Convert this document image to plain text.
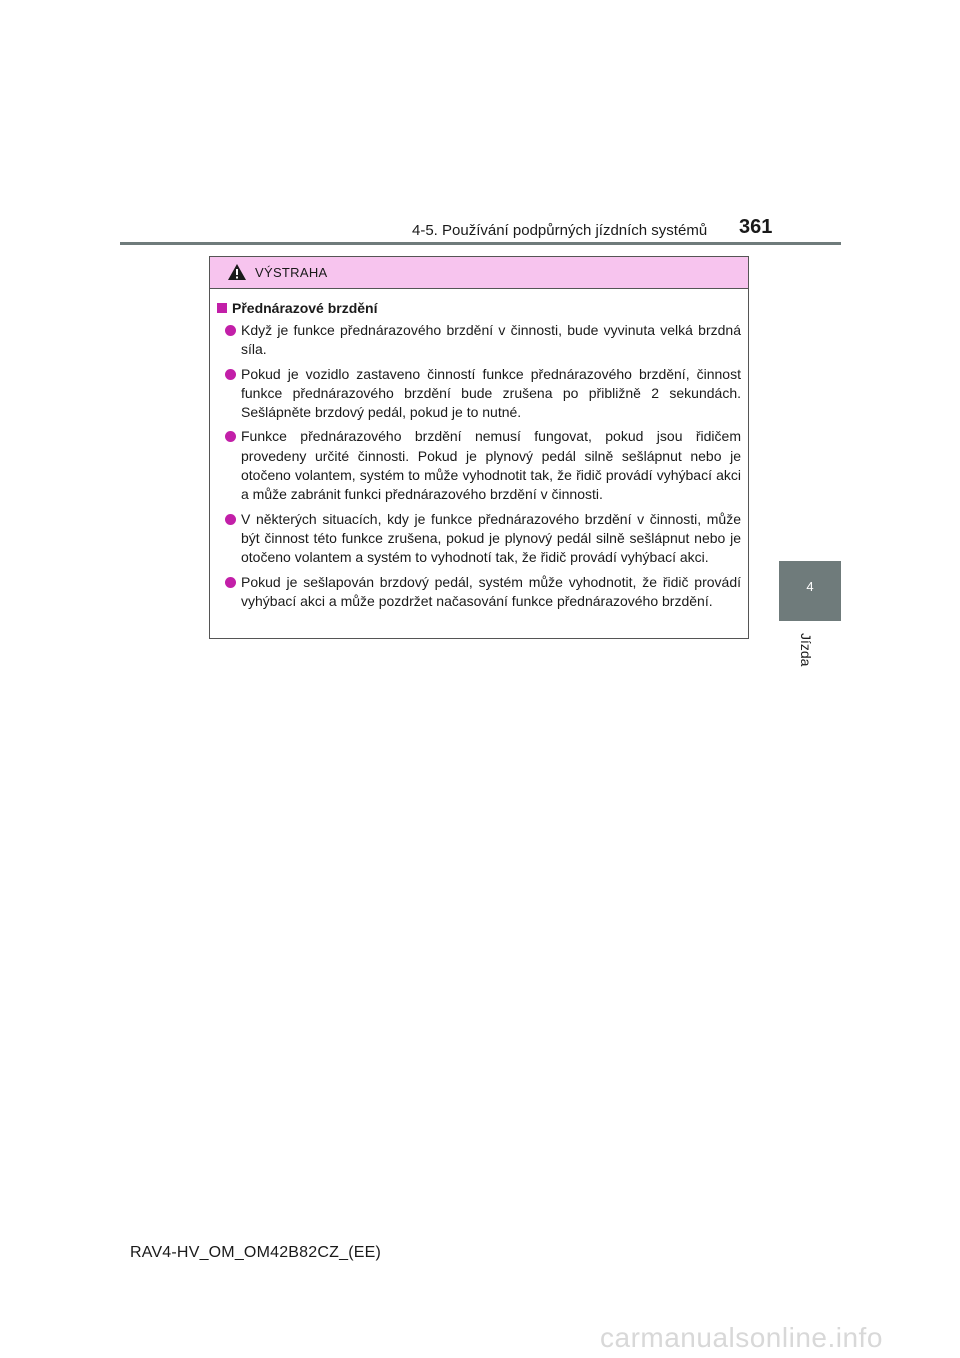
4-5. Používání podpůrných jízdních systémů 361
4
Jízda
VÝSTRAHA
Přednárazové brzdění
Když je funkce přednárazového brzdění v činnosti, bude vyvinuta velká brzdná síla.
Pokud je vozidlo zastaveno činností funkce přednárazového brzdění, činnost funkce přednárazového brzdění bude zrušena po přibližně 2 sekundách. Sešlápněte brzdový pedál, pokud je to nutné.
Funkce přednárazového brzdění nemusí fungovat, pokud jsou řidičem provedeny určité činnosti. Pokud je plynový pedál silně sešlápnut nebo je otočeno volantem, systém to může vyhodnotit tak, že řidič provádí vyhýbací akci a může zabránit funkci přednárazového brzdění v činnosti.
V některých situacích, kdy je funkce přednárazového brzdění v činnosti, může být činnost této funkce zrušena, pokud je plynový pedál silně sešlápnut nebo je otočeno volantem a systém to vyhodnotí tak, že řidič provádí vyhýbací akci.
Pokud je sešlapován brzdový pedál, systém může vyhodnotit, že řidič provádí vyhýbací akci a může pozdržet načasování funkce přednárazového brzdění.
RAV4-HV_OM_OM42B82CZ_(EE)
carmanualsonline.info
